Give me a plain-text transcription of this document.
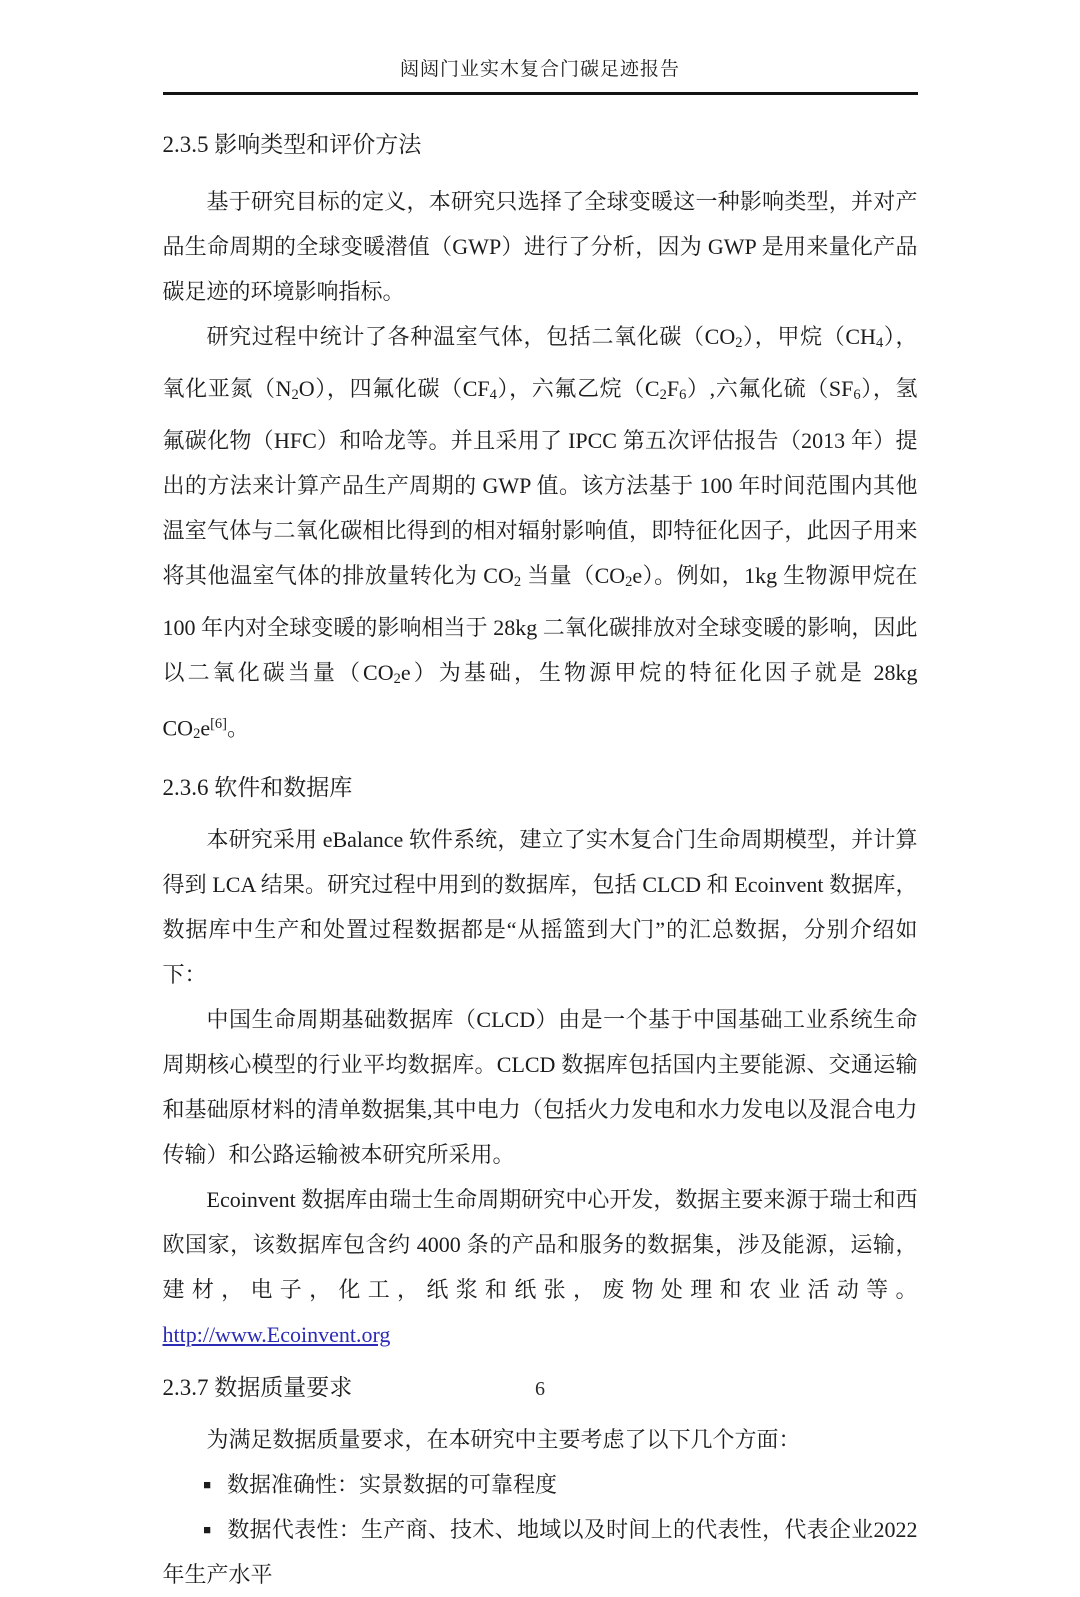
闼闼门业实木复合门碳足迹报告
2.3.5 影响类型和评价方法

基于研究目标的定义，本研究只选择了全球变暖这一种影响类型，并对产品生命周期的全球变暖潜值（GWP）进行了分析，因为 GWP 是用来量化产品碳足迹的环境影响指标。

研究过程中统计了各种温室气体，包括二氧化碳$(CO_2)$，甲烷$(CH_4)$，氧化亚氮$(N_2O)$，四氟化碳$(CF_4)$，六氟乙烷$(C_2F_6)$,六氟化硫$(SF_6)$，氢氟碳化物（HFC）和哈龙等。并且采用了 IPCC 第五次评估报告（2013 年）提出的方法来计算产品生产周期的 GWP 值。该方法基于 100 年时间范围内其他温室气体与二氧化碳相比得到的相对辐射影响值，即特征化因子，此因子用来将其他温室气体的排放量转化为 $CO_2$ 当量$(CO_2e)$。例如，1kg 生物源甲烷在 100 年内对全球变暖的影响相当于 28kg 二氧化碳排放对全球变暖的影响，因此以二氧化碳当量$(CO_2e)$为基础，生物源甲烷的特征化因子就是 28kg $CO_2e[6]$。

2.3.6 软件和数据库

本研究采用 eBalance 软件系统，建立了实木复合门生命周期模型，并计算得到 LCA 结果。研究过程中用到的数据库，包括 CLCD 和 Ecoinvent 数据库，数据库中生产和处置过程数据都是“从摇篮到大门”的汇总数据，分别介绍如下：

中国生命周期基础数据库（CLCD）由是一个基于中国基础工业系统生命周期核心模型的行业平均数据库。CLCD 数据库包括国内主要能源、交通运输和基础原材料的清单数据集,其中电力（包括火力发电和水力发电以及混合电力传输）和公路运输被本研究所采用。

Ecoinvent 数据库由瑞士生命周期研究中心开发，数据主要来源于瑞士和西欧国家，该数据库包含约 4000 条的产品和服务的数据集，涉及能源，运输，建材，电子，化工，纸浆和纸张，废物处理和农业活动等。http://www.Ecoinvent.org

2.3.7 数据质量要求

为满足数据质量要求，在本研究中主要考虑了以下几个方面：

■ 数据准确性：实景数据的可靠程度

■ 数据代表性：生产商、技术、地域以及时间上的代表性，代表企业2022 年生产水平

6
